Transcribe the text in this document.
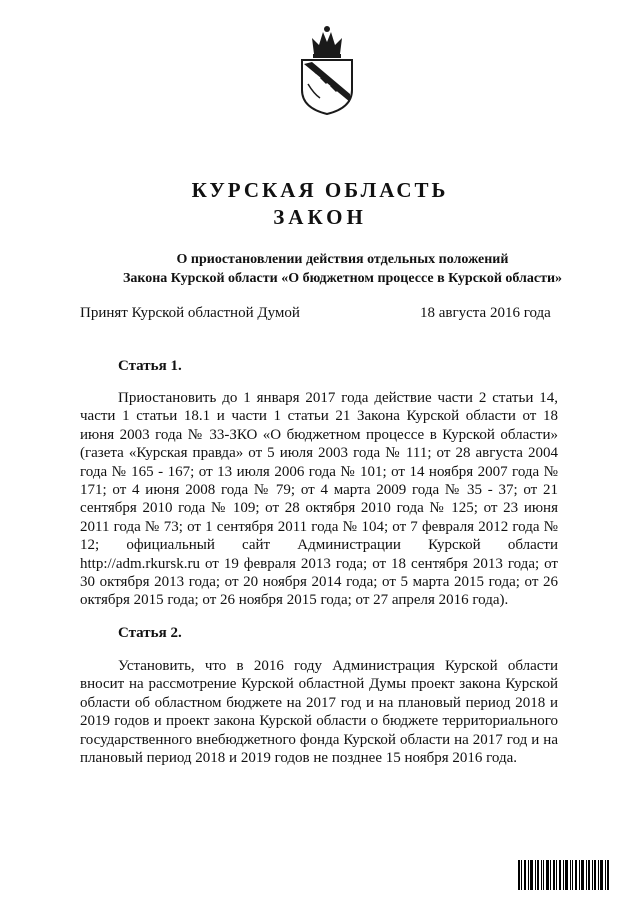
КУРСКАЯ ОБЛАСТЬ
ЗАКОН
О приостановлении действия отдельных положений
Закона Курской области «О бюджетном процессе в Курской области»
Принят Курской областной Думой	18 августа 2016 года
Статья 1.

Приостановить до 1 января 2017 года действие части 2 статьи 14, части 1 статьи 18.1 и части 1 статьи 21 Закона Курской области от 18 июня 2003 года № 33-ЗКО «О бюджетном процессе в Курской области» (газета «Курская правда» от 5 июля 2003 года № 111; от 28 августа 2004 года № 165 - 167; от 13 июля 2006 года № 101; от 14 ноября 2007 года № 171; от 4 июня 2008 года № 79; от 4 марта 2009 года № 35 - 37; от 21 сентября 2010 года № 109; от 28 октября 2010 года № 125; от 23 июня 2011 года № 73; от 1 сентября 2011 года № 104; от 7 февраля 2012 года № 12; официальный сайт Администрации Курской области http://adm.rkursk.ru от 19 февраля 2013 года; от 18 сентября 2013 года; от 30 октября 2013 года; от 20 ноября 2014 года; от 5 марта 2015 года; от 26 октября 2015 года; от 26 ноября 2015 года; от 27 апреля 2016 года).

Статья 2.

Установить, что в 2016 году Администрация Курской области вносит на рассмотрение Курской областной Думы проект закона Курской области об областном бюджете на 2017 год и на плановый период 2018 и 2019 годов и проект закона Курской области о бюджете территориального государственного внебюджетного фонда Курской области на 2017 год и на плановый период 2018 и 2019 годов не позднее 15 ноября 2016 года.
